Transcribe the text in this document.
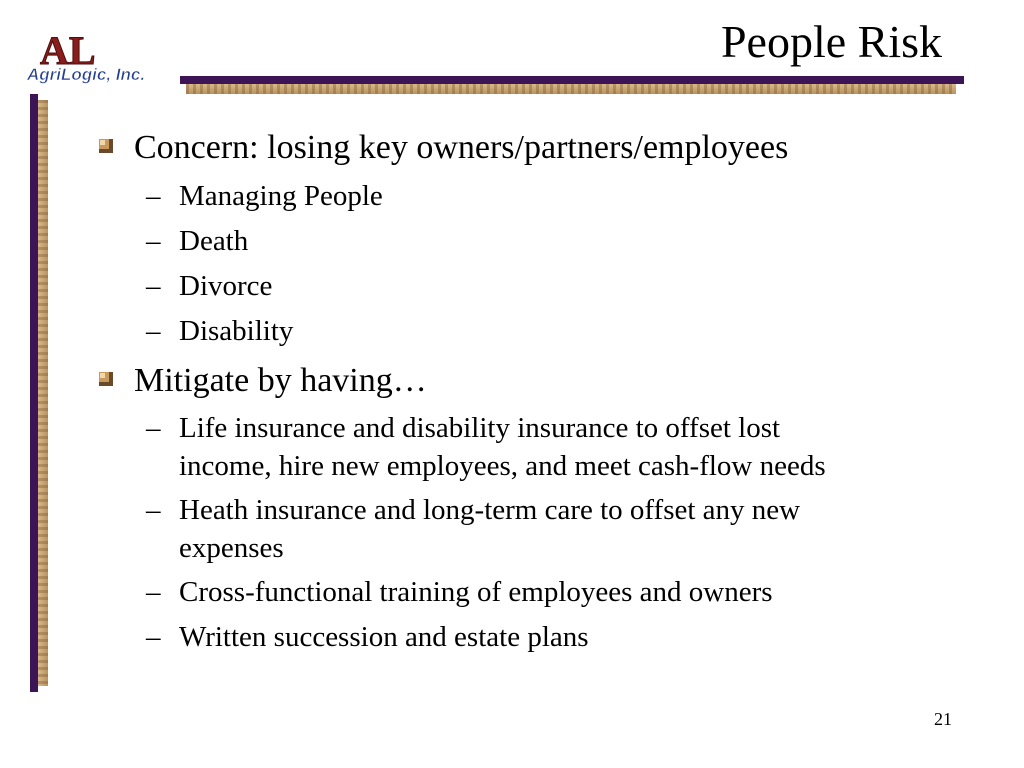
AL
AgriLogic, Inc.
People Risk
Concern: losing key owners/partners/employees
– Managing People
– Death
– Divorce
– Disability
Mitigate by having…
– Life insurance and disability insurance to offset lost
income, hire new employees, and meet cash-flow needs
– Heath insurance and long-term care to offset any new
expenses
– Cross-functional training of employees and owners
– Written succession and estate plans
21
